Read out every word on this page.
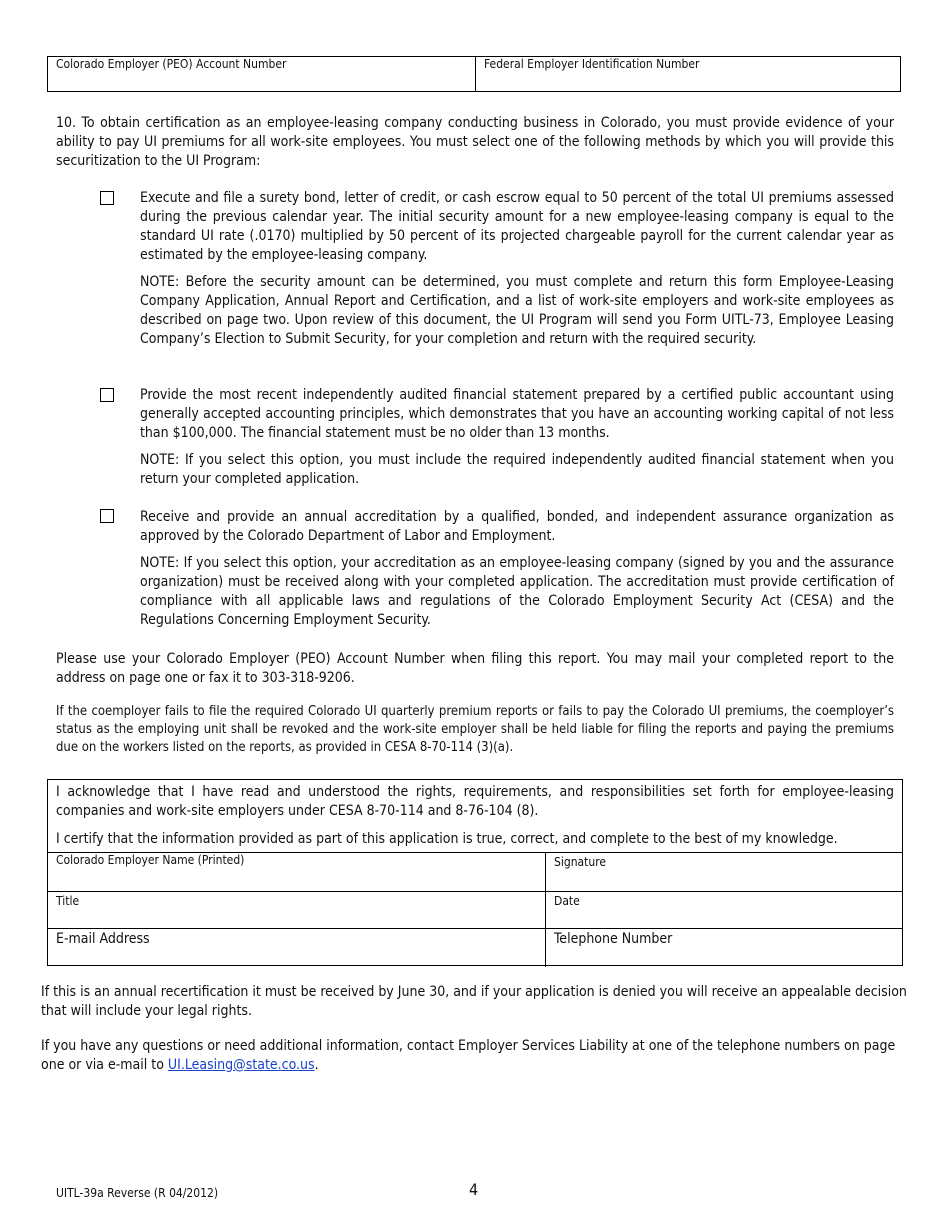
Colorado Employer (PEO) Account Number	Federal Employer Identification Number
10. To obtain certification as an employee-leasing company conducting business in Colorado, you must provide evidence of your ability to pay UI premiums for all work-site employees. You must select one of the following methods by which you will provide this securitization to the UI Program:
Execute and file a surety bond, letter of credit, or cash escrow equal to 50 percent of the total UI premiums assessed during the previous calendar year. The initial security amount for a new employee-leasing company is equal to the standard UI rate (.0170) multiplied by 50 percent of its projected chargeable payroll for the current calendar year as estimated by the employee-leasing company.
NOTE: Before the security amount can be determined, you must complete and return this form Employee-Leasing Company Application, Annual Report and Certification, and a list of work-site employers and work-site employees as described on page two. Upon review of this document, the UI Program will send you Form UITL-73, Employee Leasing Company’s Election to Submit Security, for your completion and return with the required security.
Provide the most recent independently audited financial statement prepared by a certified public accountant using generally accepted accounting principles, which demonstrates that you have an accounting working capital of not less than $100,000. The financial statement must be no older than 13 months.
NOTE: If you select this option, you must include the required independently audited financial statement when you return your completed application.
Receive and provide an annual accreditation by a qualified, bonded, and independent assurance organization as approved by the Colorado Department of Labor and Employment.
NOTE: If you select this option, your accreditation as an employee-leasing company (signed by you and the assurance organization) must be received along with your completed application. The accreditation must provide certification of compliance with all applicable laws and regulations of the Colorado Employment Security Act (CESA) and the Regulations Concerning Employment Security.
Please use your Colorado Employer (PEO) Account Number when filing this report. You may mail your completed report to the address on page one or fax it to 303-318-9206.
If the coemployer fails to file the required Colorado UI quarterly premium reports or fails to pay the Colorado UI premiums, the coemployer’s status as the employing unit shall be revoked and the work-site employer shall be held liable for filing the reports and paying the premiums due on the workers listed on the reports, as provided in CESA 8-70-114 (3)(a).
I acknowledge that I have read and understood the rights, requirements, and responsibilities set forth for employee-leasing companies and work-site employers under CESA 8-70-114 and 8-76-104 (8).
I certify that the information provided as part of this application is true, correct, and complete to the best of my knowledge.
Colorado Employer Name (Printed)	Signature
Title	Date
E-mail Address	Telephone Number
If this is an annual recertification it must be received by June 30, and if your application is denied you will receive an appealable decision that will include your legal rights.
If you have any questions or need additional information, contact Employer Services Liability at one of the telephone numbers on page one or via e-mail to UI.Leasing@state.co.us.
UITL-39a Reverse (R 04/2012)	4
